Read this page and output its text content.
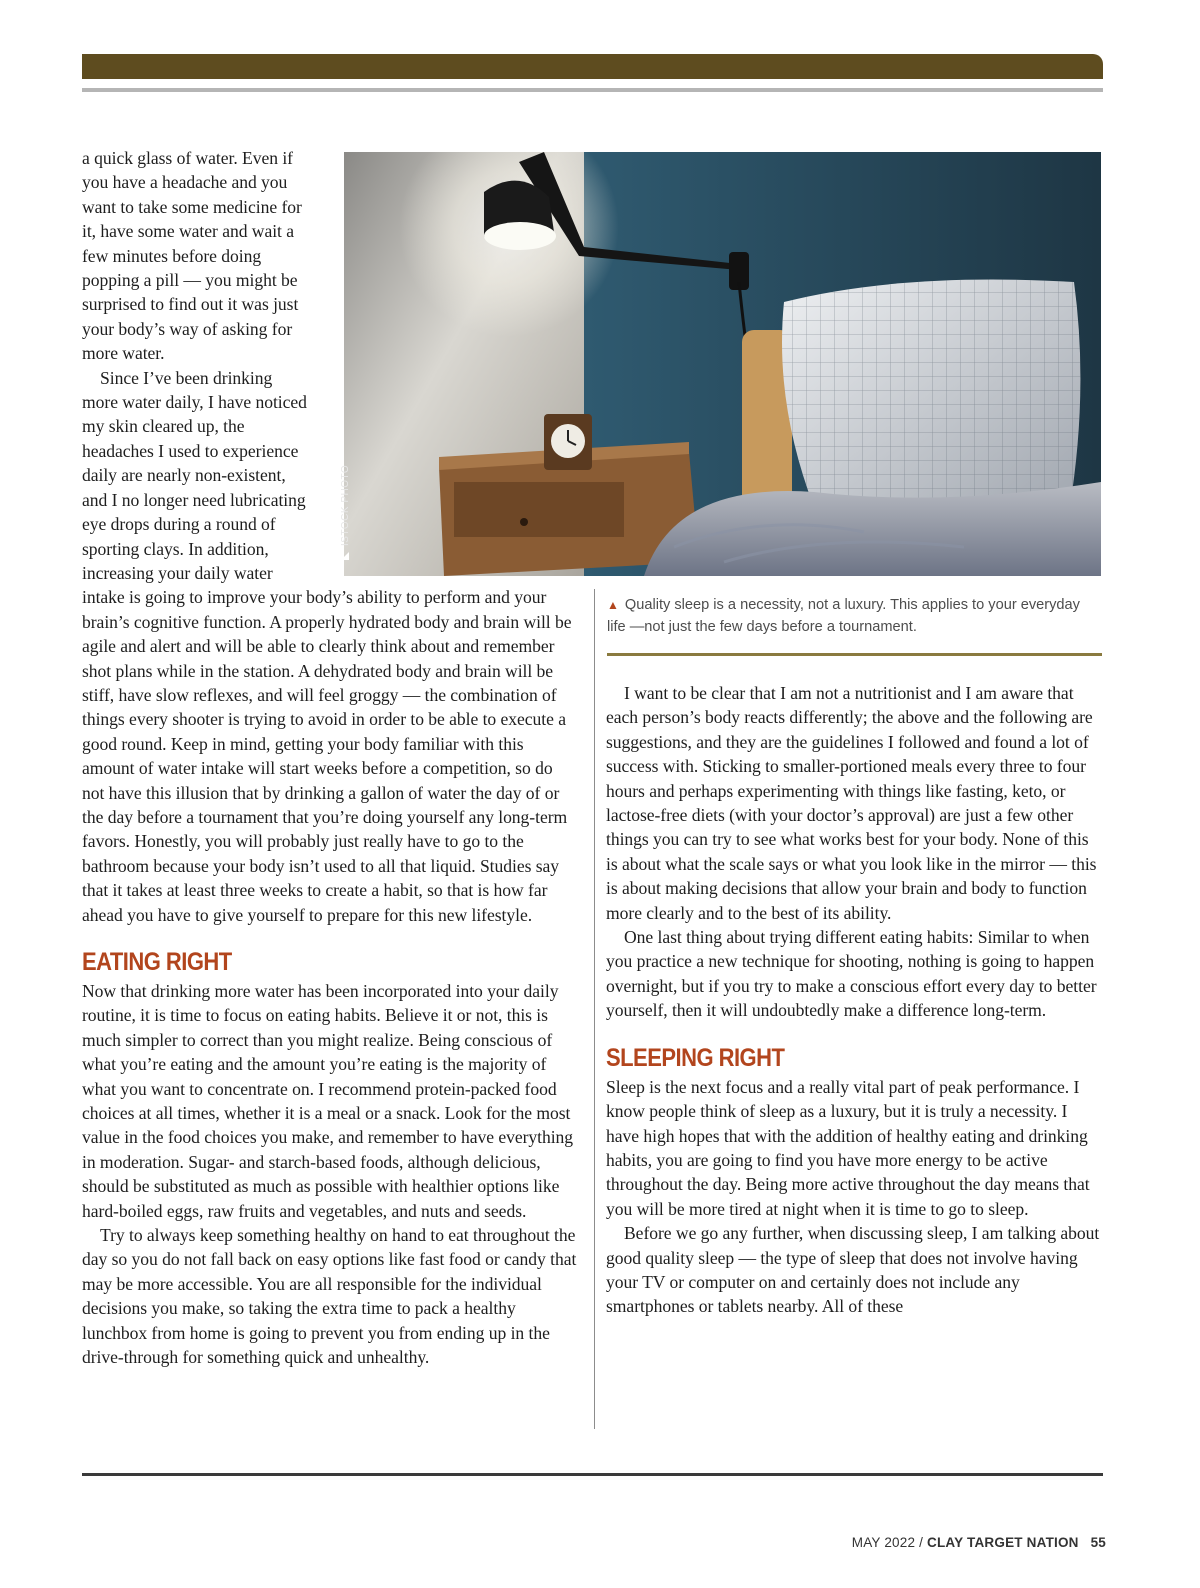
ISTOCK PHOTO
▲ Quality sleep is a necessity, not a luxury. This applies to your everyday life —not just the few days before a tournament.

a quick glass of water. Even if you have a headache and you want to take some medicine for it, have some water and wait a few minutes before doing popping a pill — you might be surprised to find out it was just your body’s way of asking for more water.

Since I’ve been drinking more water daily, I have noticed my skin cleared up, the headaches I used to experience daily are nearly non-existent, and I no longer need lubricating eye drops during a round of sporting clays. In addition, increasing your daily water intake is going to improve your body’s ability to perform and your brain’s cognitive function. A properly hydrated body and brain will be agile and alert and will be able to clearly think about and remember shot plans while in the station. A dehydrated body and brain will be stiff, have slow reflexes, and will feel groggy — the combination of things every shooter is trying to avoid in order to be able to execute a good round. Keep in mind, getting your body familiar with this amount of water intake will start weeks before a competition, so do not have this illusion that by drinking a gallon of water the day of or the day before a tournament that you’re doing yourself any long-term favors. Honestly, you will probably just really have to go to the bathroom because your body isn’t used to all that liquid. Studies say that it takes at least three weeks to create a habit, so that is how far ahead you have to give yourself to prepare for this new lifestyle.

EATING RIGHT

Now that drinking more water has been incorporated into your daily routine, it is time to focus on eating habits. Believe it or not, this is much simpler to correct than you might realize. Being conscious of what you’re eating and the amount you’re eating is the majority of what you want to concentrate on. I recommend protein-packed food choices at all times, whether it is a meal or a snack. Look for the most value in the food choices you make, and remember to have everything in moderation. Sugar- and starch-based foods, although delicious, should be substituted as much as possible with healthier options like hard-boiled eggs, raw fruits and vegetables, and nuts and seeds.

Try to always keep something healthy on hand to eat throughout the day so you do not fall back on easy options like fast food or candy that may be more accessible. You are all responsible for the individual decisions you make, so taking the extra time to pack a healthy lunchbox from home is going to prevent you from ending up in the drive-through for something quick and unhealthy.

I want to be clear that I am not a nutritionist and I am aware that each person’s body reacts differently; the above and the following are suggestions, and they are the guidelines I followed and found a lot of success with. Sticking to smaller-portioned meals every three to four hours and perhaps experimenting with things like fasting, keto, or lactose-free diets (with your doctor’s approval) are just a few other things you can try to see what works best for your body. None of this is about what the scale says or what you look like in the mirror — this is about making decisions that allow your brain and body to function more clearly and to the best of its ability.

One last thing about trying different eating habits: Similar to when you practice a new technique for shooting, nothing is going to happen overnight, but if you try to make a conscious effort every day to better yourself, then it will undoubtedly make a difference long-term.

SLEEPING RIGHT

Sleep is the next focus and a really vital part of peak performance. I know people think of sleep as a luxury, but it is truly a necessity. I have high hopes that with the addition of healthy eating and drinking habits, you are going to find you have more energy to be active throughout the day. Being more active throughout the day means that you will be more tired at night when it is time to go to sleep.

Before we go any further, when discussing sleep, I am talking about good quality sleep — the type of sleep that does not involve having your TV or computer on and certainly does not include any smartphones or tablets nearby. All of these

MAY 2022 / CLAY TARGET NATION 55
